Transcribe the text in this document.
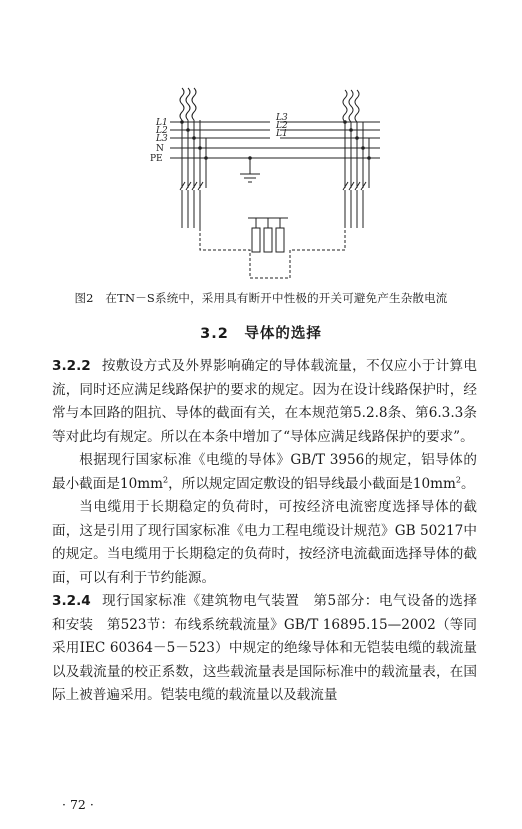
L1
L2
L3
N
PE
L3
L2
L1
图2　在TN－S系统中，采用具有断开中性极的开关可避免产生杂散电流
3.2　导体的选择

3.2.2 按敷设方式及外界影响确定的导体载流量，不仅应小于计算电流，同时还应满足线路保护的要求的规定。因为在设计线路保护时，经常与本回路的阻抗、导体的截面有关，在本规范第5.2.8条、第6.3.3条等对此均有规定。所以在本条中增加了“导体应满足线路保护的要求”。

根据现行国家标准《电缆的导体》GB/T 3956的规定，铝导体的最小截面是$10mm^2$，所以规定固定敷设的铝导线最小截面是$10mm^2$。

当电缆用于长期稳定的负荷时，可按经济电流密度选择导体的截面，这是引用了现行国家标准《电力工程电缆设计规范》GB 50217中的规定。当电缆用于长期稳定的负荷时，按经济电流截面选择导体的截面，可以有利于节约能源。

3.2.4 现行国家标准《建筑物电气装置　第5部分：电气设备的选择和安装　第523节：布线系统载流量》GB/T 16895.15—2002（等同采用IEC 60364－5－523）中规定的绝缘导体和无铠装电缆的载流量以及载流量的校正系数，这些载流量表是国际标准中的载流量表，在国际上被普遍采用。铠装电缆的载流量以及载流量

· 72 ·
